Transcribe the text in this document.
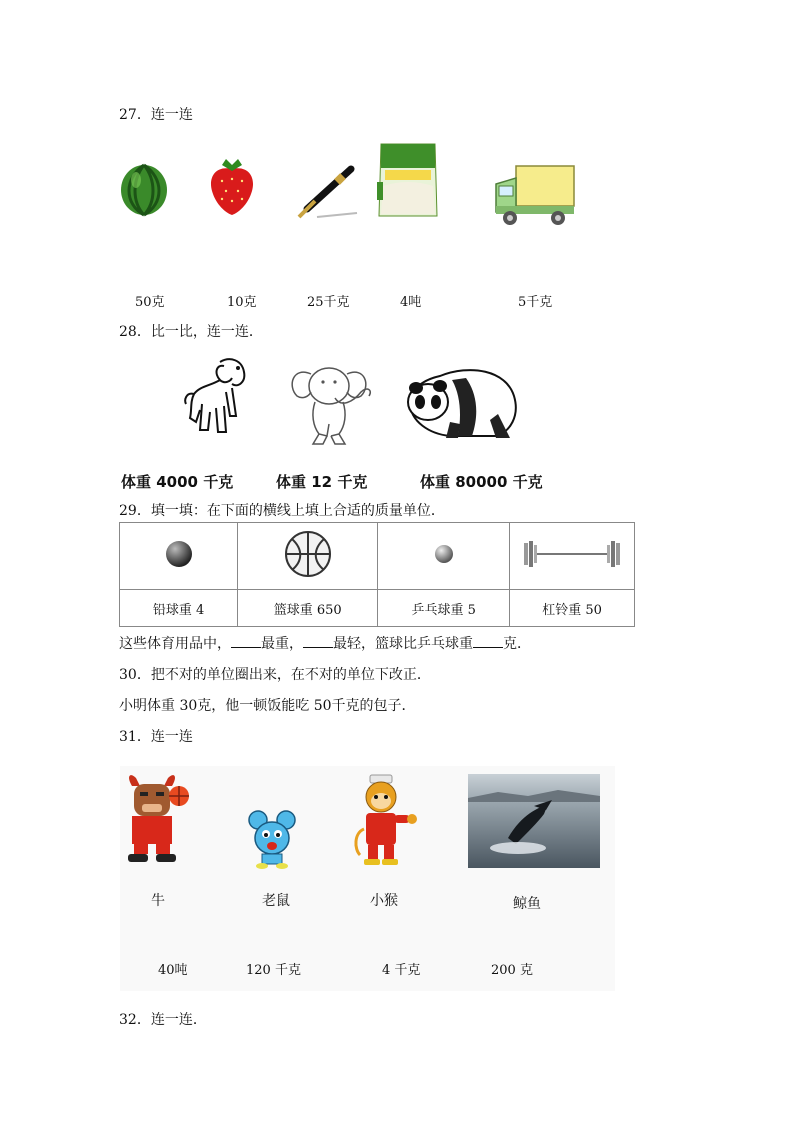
27．连一连
50克	10克	25千克	4吨	5千克
28．比一比，连一连．
体重 4000 千克	体重 12 千克	体重 80000 千克
29．填一填：在下面的横线上填上合适的质量单位．

铅球重 4	篮球重 650	乒乓球重 5	杠铃重 50
这些体育用品中， 最重， 最轻，篮球比乒乓球重 克．
30．把不对的单位圈出来，在不对的单位下改正．
小明体重 30克，他一顿饭能吃 50千克的包子．
31．连一连
牛	老鼠	小猴	鲸鱼
40吨	120 千克	4 千克	200 克
32．连一连．
